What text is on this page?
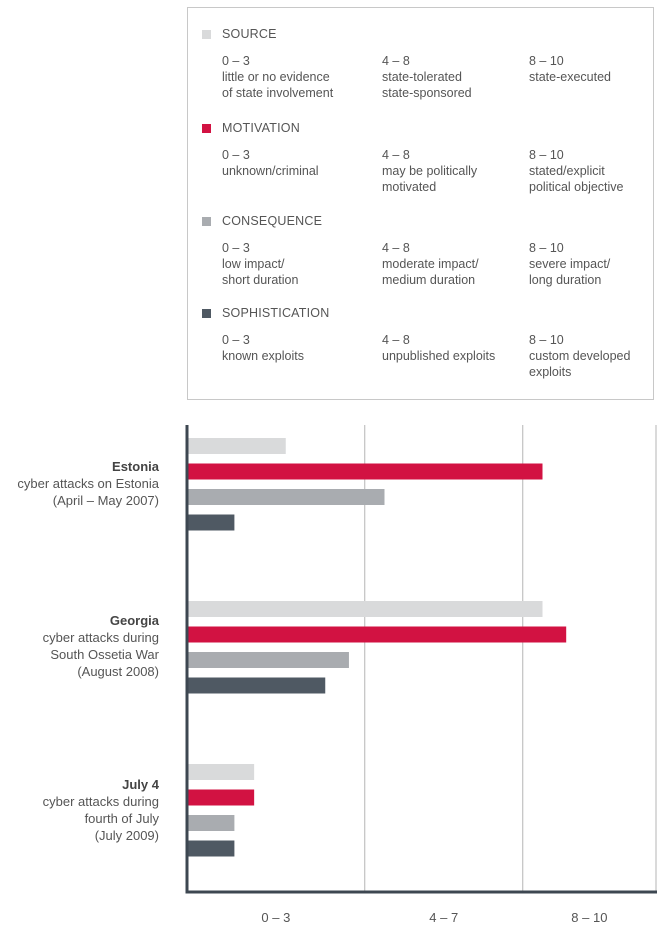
SOURCE
0 – 3
little or no evidence
of state involvement
4 – 8
state-tolerated
state-sponsored
8 – 10
state-executed
MOTIVATION
0 – 3
unknown/criminal
4 – 8
may be politically
motivated
8 – 10
stated/explicit
political objective
CONSEQUENCE
0 – 3
low impact/
short duration
4 – 8
moderate impact/
medium duration
8 – 10
severe impact/
long duration
SOPHISTICATION
0 – 3
known exploits
4 – 8
unpublished exploits
8 – 10
custom developed
exploits
Estonia
cyber attacks on Estonia
(April – May 2007)
Georgia
cyber attacks during
South Ossetia War
(August 2008)
July 4
cyber attacks during
fourth of July
(July 2009)
0 – 3	4 – 7	8 – 10
